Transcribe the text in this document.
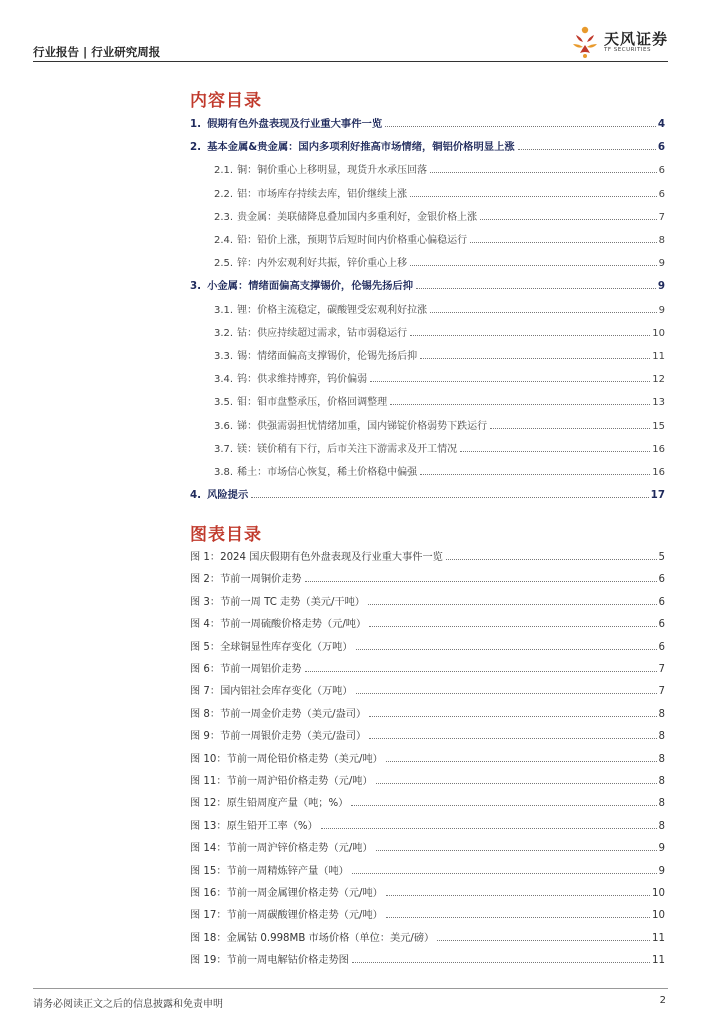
行业报告 | 行业研究周报
天风证券
TF SECURITIES
内容目录
1. 假期有色外盘表现及行业重大事件一览	4
2. 基本金属&贵金属：国内多项利好推高市场情绪，铜铝价格明显上涨	6
2.1. 铜：铜价重心上移明显，现货升水承压回落	6
2.2. 铝：市场库存持续去库，铝价继续上涨	6
2.3. 贵金属：美联储降息叠加国内多重利好，金银价格上涨	7
2.4. 铅：铅价上涨，预期节后短时间内价格重心偏稳运行	8
2.5. 锌：内外宏观利好共振，锌价重心上移	9
3. 小金属：情绪面偏高支撑锡价，伦锡先扬后抑	9
3.1. 锂：价格主流稳定，碳酸锂受宏观利好拉涨	9
3.2. 钴：供应持续超过需求，钴市弱稳运行	10
3.3. 锡：情绪面偏高支撑锡价，伦锡先扬后抑	11
3.4. 钨：供求维持博弈，钨价偏弱	12
3.5. 钼：钼市盘整承压，价格回调整理	13
3.6. 锑：供强需弱担忧情绪加重，国内锑锭价格弱势下跌运行	15
3.7. 镁：镁价稍有下行，后市关注下游需求及开工情况	16
3.8. 稀土：市场信心恢复，稀土价格稳中偏强	16
4. 风险提示	17
图表目录
图 1：2024 国庆假期有色外盘表现及行业重大事件一览	5
图 2：节前一周铜价走势	6
图 3：节前一周 TC 走势（美元/干吨）	6
图 4：节前一周硫酸价格走势（元/吨）	6
图 5：全球铜显性库存变化（万吨）	6
图 6：节前一周铝价走势	7
图 7：国内铝社会库存变化（万吨）	7
图 8：节前一周金价走势（美元/盎司）	8
图 9：节前一周银价走势（美元/盎司）	8
图 10：节前一周伦铅价格走势（美元/吨）	8
图 11：节前一周沪铅价格走势（元/吨）	8
图 12：原生铅周度产量（吨；%）	8
图 13：原生铅开工率（%）	8
图 14：节前一周沪锌价格走势（元/吨）	9
图 15：节前一周精炼锌产量（吨）	9
图 16：节前一周金属锂价格走势（元/吨）	10
图 17：节前一周碳酸锂价格走势（元/吨）	10
图 18：金属钴 0.998MB 市场价格（单位：美元/磅）	11
图 19：节前一周电解钴价格走势图	11
请务必阅读正文之后的信息披露和免责申明	2
